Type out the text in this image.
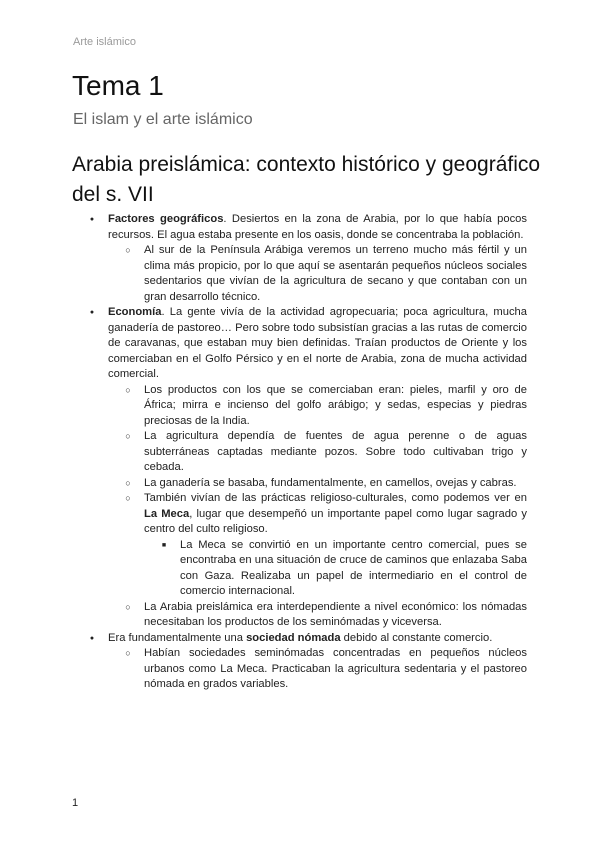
Arte islámico
Tema 1
El islam y el arte islámico
Arabia preislámica: contexto histórico y geográfico del s. VII
●
Factores geográficos. Desiertos en la zona de Arabia, por lo que había pocos recursos. El agua estaba presente en los oasis, donde se concentraba la población.
○
Al sur de la Península Arábiga veremos un terreno mucho más fértil y un clima más propicio, por lo que aquí se asentarán pequeños núcleos sociales sedentarios que vivían de la agricultura de secano y que contaban con un gran desarrollo técnico.
●
Economía. La gente vivía de la actividad agropecuaria; poca agricultura, mucha ganadería de pastoreo… Pero sobre todo subsistían gracias a las rutas de comercio de caravanas, que estaban muy bien definidas. Traían productos de Oriente y los comerciaban en el Golfo Pérsico y en el norte de Arabia, zona de mucha actividad comercial.
○
Los productos con los que se comerciaban eran: pieles, marfil y oro de África; mirra e incienso del golfo arábigo; y sedas, especias y piedras preciosas de la India.
○
La agricultura dependía de fuentes de agua perenne o de aguas subterráneas captadas mediante pozos. Sobre todo cultivaban trigo y cebada.
○
La ganadería se basaba, fundamentalmente, en camellos, ovejas y cabras.
○
También vivían de las prácticas religioso-culturales, como podemos ver en La Meca, lugar que desempeñó un importante papel como lugar sagrado y centro del culto religioso.
■
La Meca se convirtió en un importante centro comercial, pues se encontraba en una situación de cruce de caminos que enlazaba Saba con Gaza. Realizaba un papel de intermediario en el control de comercio internacional.
○
La Arabia preislámica era interdependiente a nivel económico: los nómadas necesitaban los productos de los seminómadas y viceversa.
●
Era fundamentalmente una sociedad nómada debido al constante comercio.
○
Habían sociedades seminómadas concentradas en pequeños núcleos urbanos como La Meca. Practicaban la agricultura sedentaria y el pastoreo nómada en grados variables.
1
